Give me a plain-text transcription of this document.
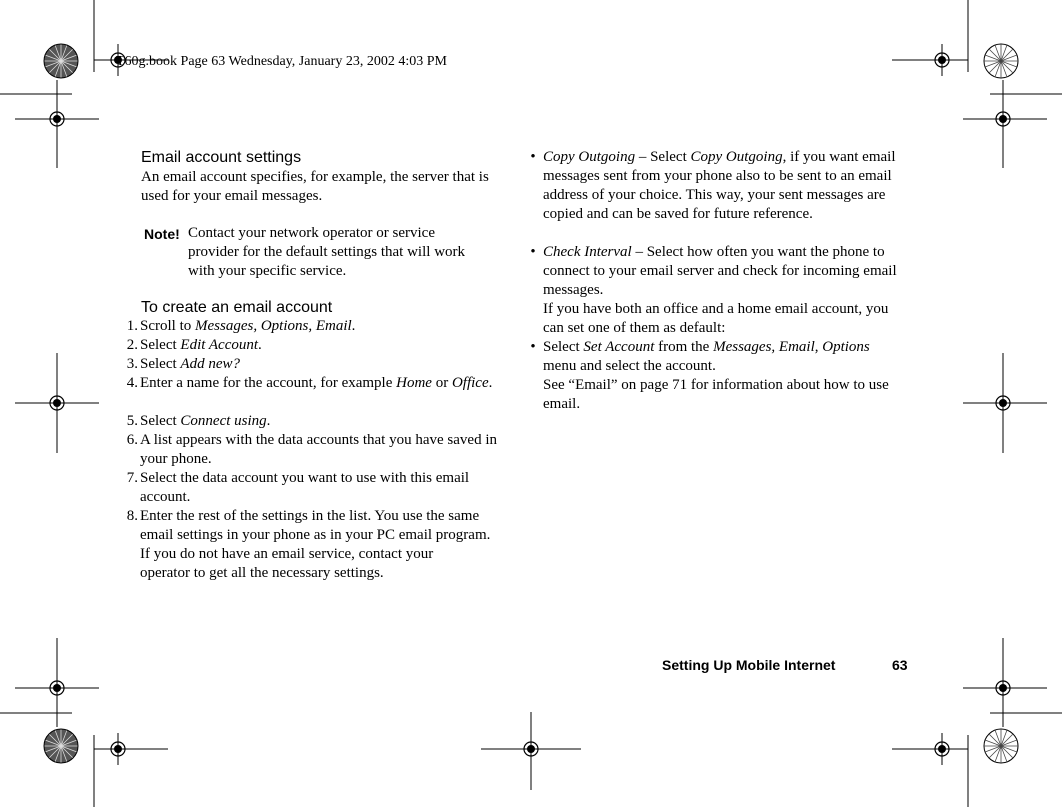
T60g.book Page 63 Wednesday, January 23, 2002 4:03 PM
Email account settings
An email account specifies, for example, the server that is used for your email messages.
Note! Contact your network operator or service provider for the default settings that will work with your specific service.
To create an email account
1. Scroll to Messages, Options, Email.
2. Select Edit Account.
3. Select Add new?
4. Enter a name for the account, for example Home or Office.
5. Select Connect using.
6. A list appears with the data accounts that you have saved in your phone.
7. Select the data account you want to use with this email account.
8. Enter the rest of the settings in the list. You use the same email settings in your phone as in your PC email program.
If you do not have an email service, contact your operator to get all the necessary settings.
• Copy Outgoing – Select Copy Outgoing, if you want email messages sent from your phone also to be sent to an email address of your choice. This way, your sent messages are copied and can be saved for future reference.
• Check Interval – Select how often you want the phone to connect to your email server and check for incoming email messages.
If you have both an office and a home email account, you can set one of them as default:
• Select Set Account from the Messages, Email, Options menu and select the account.
See “Email” on page 71 for information about how to use email.
Setting Up Mobile Internet	63
